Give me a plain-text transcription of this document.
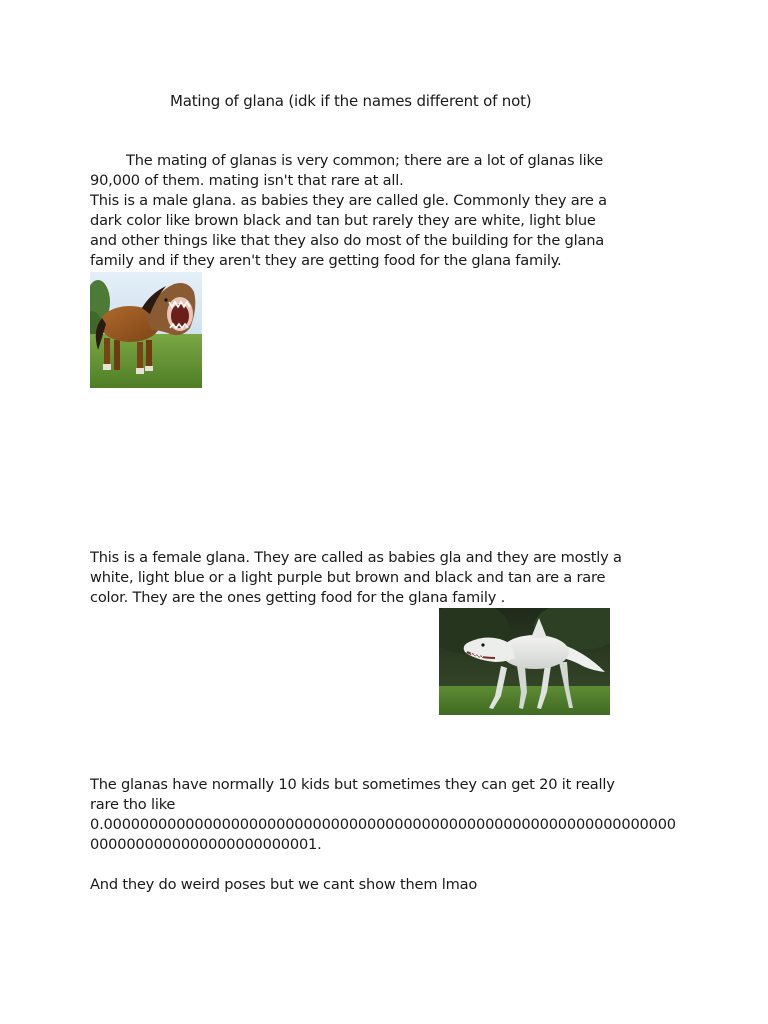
Mating of glana (idk if the names different of not)
The mating of glanas is very common; there are a lot of glanas like
90,000 of them. mating isn't that rare at all.
This is a male glana. as babies they are called gle. Commonly they are a
dark color like brown black and tan but rarely they are white, light blue
and other things like that they also do most of the building for the glana
family and if they aren't they are getting food for the glana family.
This is a female glana. They are called as babies gla and they are mostly a
white, light blue or a light purple but brown and black and tan are a rare
color. They are the ones getting food for the glana family .
The glanas have normally 10 kids but sometimes they can get 20 it really
rare tho like
0.000000000000000000000000000000000000000000000000000000000000000
0000000000000000000000001.
And they do weird poses but we cant show them lmao
